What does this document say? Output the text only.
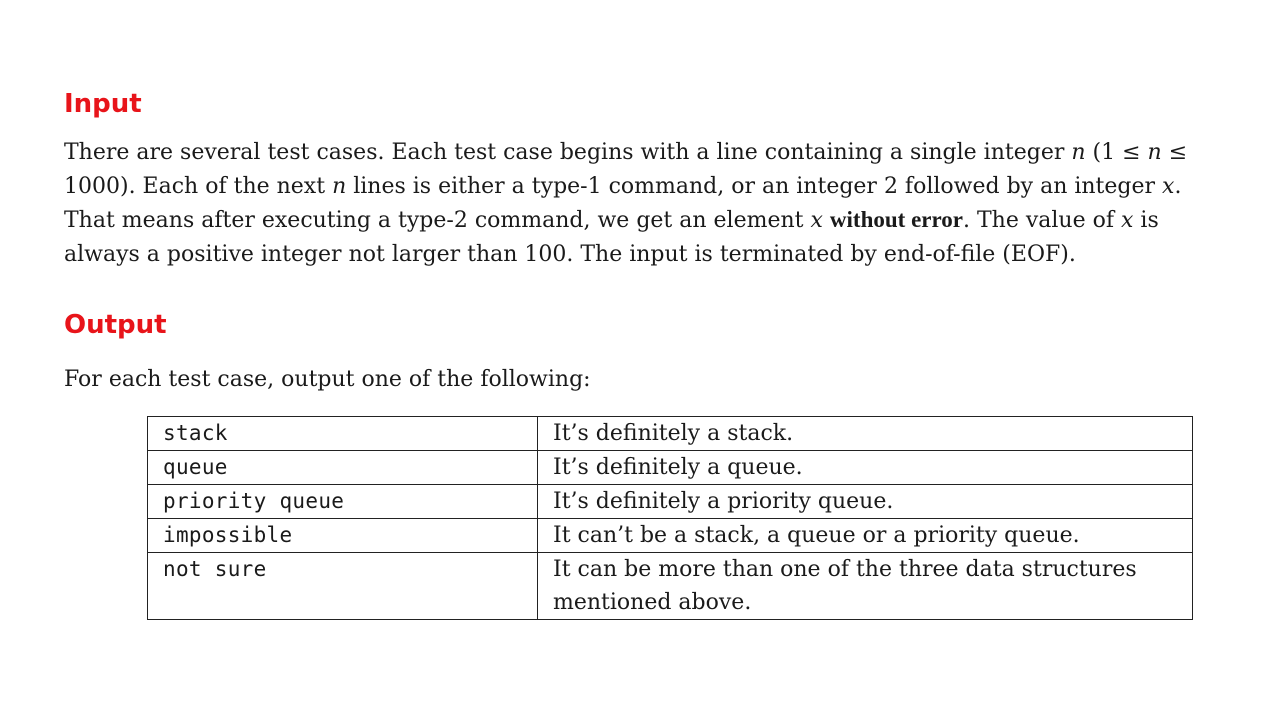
Input

There are several test cases. Each test case begins with a line containing a single integer n (1 ≤ n ≤
1000). Each of the next n lines is either a type-1 command, or an integer 2 followed by an integer x.
That means after executing a type-2 command, we get an element x without error. The value of x is
always a positive integer not larger than 100. The input is terminated by end-of-file (EOF).

Output

For each test case, output one of the following:

stack	It’s definitely a stack.
queue	It’s definitely a queue.
priority queue	It’s definitely a priority queue.
impossible	It can’t be a stack, a queue or a priority queue.
not sure	It can be more than one of the three data structures
mentioned above.
